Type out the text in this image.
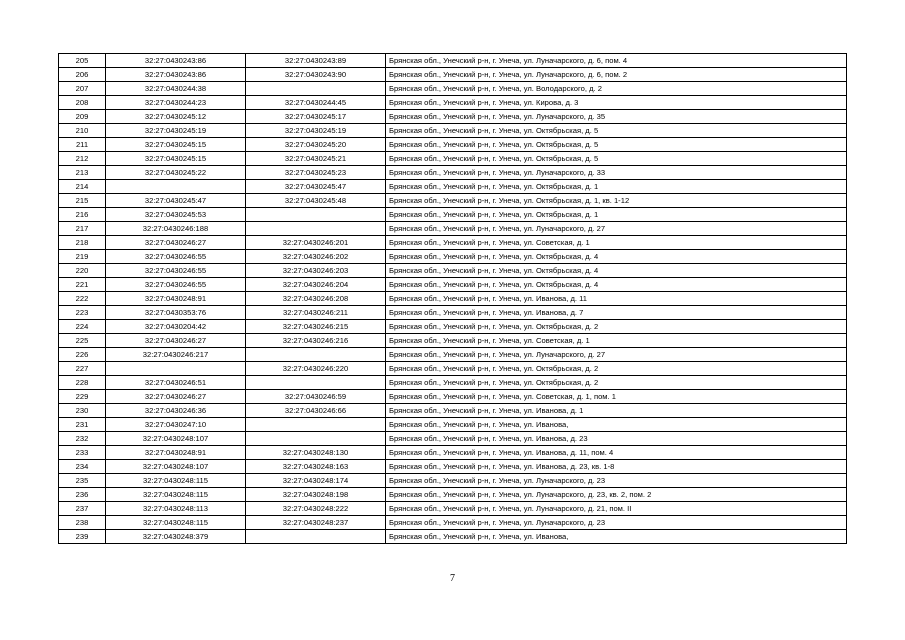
205	32:27:0430243:86	32:27:0430243:89	Брянская обл., Унечский р-н, г. Унеча, ул. Луначарского, д. 6, пом. 4
206	32:27:0430243:86	32:27:0430243:90	Брянская обл., Унечский р-н, г. Унеча, ул. Луначарского, д. 6, пом. 2
207	32:27:0430244:38		Брянская обл., Унечский р-н, г. Унеча, ул. Володарского, д. 2
208	32:27:0430244:23	32:27:0430244:45	Брянская обл., Унечский р-н, г. Унеча, ул. Кирова, д. 3
209	32:27:0430245:12	32:27:0430245:17	Брянская обл., Унечский р-н, г. Унеча, ул. Луначарского, д. 35
210	32:27:0430245:19	32:27:0430245:19	Брянская обл., Унечский р-н, г. Унеча, ул. Октябрьская, д. 5
211	32:27:0430245:15	32:27:0430245:20	Брянская обл., Унечский р-н, г. Унеча, ул. Октябрьская, д. 5
212	32:27:0430245:15	32:27:0430245:21	Брянская обл., Унечский р-н, г. Унеча, ул. Октябрьская, д. 5
213	32:27:0430245:22	32:27:0430245:23	Брянская обл., Унечский р-н, г. Унеча, ул. Луначарского, д. 33
214		32:27:0430245:47	Брянская обл., Унечский р-н, г. Унеча, ул. Октябрьская, д. 1
215	32:27:0430245:47	32:27:0430245:48	Брянская обл., Унечский р-н, г. Унеча, ул. Октябрьская, д. 1, кв. 1-12
216	32:27:0430245:53		Брянская обл., Унечский р-н, г. Унеча, ул. Октябрьская, д. 1
217	32:27:0430246:188		Брянская обл., Унечский р-н, г. Унеча, ул. Луначарского, д. 27
218	32:27:0430246:27	32:27:0430246:201	Брянская обл., Унечский р-н, г. Унеча, ул. Советская, д. 1
219	32:27:0430246:55	32:27:0430246:202	Брянская обл., Унечский р-н, г. Унеча, ул. Октябрьская, д. 4
220	32:27:0430246:55	32:27:0430246:203	Брянская обл., Унечский р-н, г. Унеча, ул. Октябрьская, д. 4
221	32:27:0430246:55	32:27:0430246:204	Брянская обл., Унечский р-н, г. Унеча, ул. Октябрьская, д. 4
222	32:27:0430248:91	32:27:0430246:208	Брянская обл., Унечский р-н, г. Унеча, ул. Иванова, д. 11
223	32:27:0430353:76	32:27:0430246:211	Брянская обл., Унечский р-н, г. Унеча, ул. Иванова, д. 7
224	32:27:0430204:42	32:27:0430246:215	Брянская обл., Унечский р-н, г. Унеча, ул. Октябрьская, д. 2
225	32:27:0430246:27	32:27:0430246:216	Брянская обл., Унечский р-н, г. Унеча, ул. Советская, д. 1
226	32:27:0430246:217		Брянская обл., Унечский р-н, г. Унеча, ул. Луначарского, д. 27
227		32:27:0430246:220	Брянская обл., Унечский р-н, г. Унеча, ул. Октябрьская, д. 2
228	32:27:0430246:51		Брянская обл., Унечский р-н, г. Унеча, ул. Октябрьская, д. 2
229	32:27:0430246:27	32:27:0430246:59	Брянская обл., Унечский р-н, г. Унеча, ул. Советская, д. 1, пом. 1
230	32:27:0430246:36	32:27:0430246:66	Брянская обл., Унечский р-н, г. Унеча, ул. Иванова, д. 1
231	32:27:0430247:10		Брянская обл., Унечский р-н, г. Унеча, ул. Иванова,
232	32:27:0430248:107		Брянская обл., Унечский р-н, г. Унеча, ул. Иванова, д. 23
233	32:27:0430248:91	32:27:0430248:130	Брянская обл., Унечский р-н, г. Унеча, ул. Иванова, д. 11, пом. 4
234	32:27:0430248:107	32:27:0430248:163	Брянская обл., Унечский р-н, г. Унеча, ул. Иванова, д. 23, кв. 1-8
235	32:27:0430248:115	32:27:0430248:174	Брянская обл., Унечский р-н, г. Унеча, ул. Луначарского, д. 23
236	32:27:0430248:115	32:27:0430248:198	Брянская обл., Унечский р-н, г. Унеча, ул. Луначарского, д. 23, кв. 2, пом. 2
237	32:27:0430248:113	32:27:0430248:222	Брянская обл., Унечский р-н, г. Унеча, ул. Луначарского, д. 21, пом. II
238	32:27:0430248:115	32:27:0430248:237	Брянская обл., Унечский р-н, г. Унеча, ул. Луначарского, д. 23
239	32:27:0430248:379		Брянская обл., Унечский р-н, г. Унеча, ул. Иванова,
7
